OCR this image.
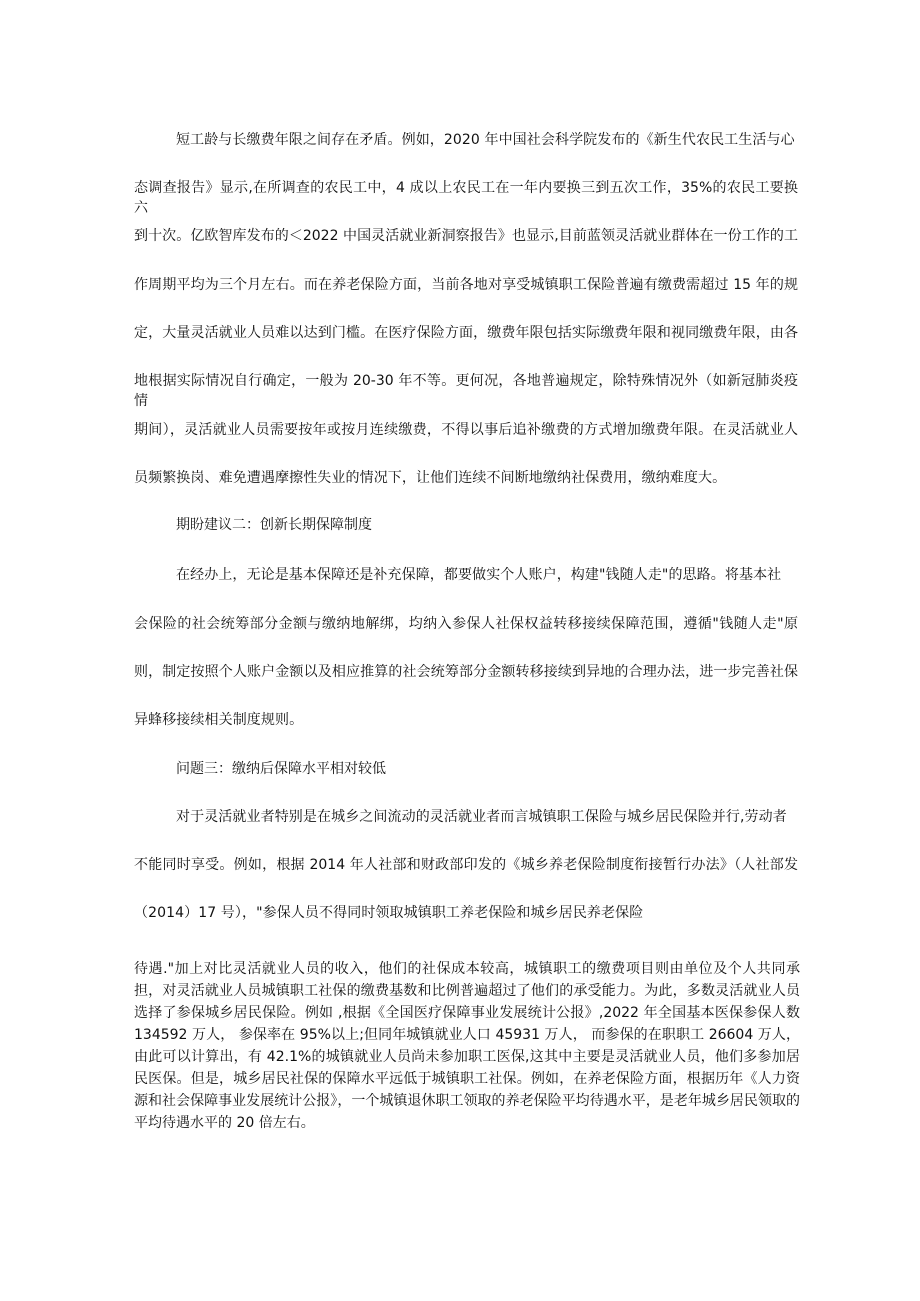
短工龄与长缴费年限之间存在矛盾。例如，2020 年中国社会科学院发布的《新生代农民工生活与心
态调查报告》显示,在所调查的农民工中，4 成以上农民工在一年内要换三到五次工作，35%的农民工要换六
到十次。亿欧智库发布的＜2022 中国灵活就业新洞察报告》也显示,目前蓝领灵活就业群体在一份工作的工
作周期平均为三个月左右。而在养老保险方面，当前各地对享受城镇职工保险普遍有缴费需超过 15 年的规
定，大量灵活就业人员难以达到门槛。在医疗保险方面，缴费年限包括实际缴费年限和视同缴费年限，由各
地根据实际情况自行确定，一般为 20-30 年不等。更何况，各地普遍规定，除特殊情况外（如新冠肺炎疫情
期间），灵活就业人员需要按年或按月连续缴费，不得以事后追补缴费的方式增加缴费年限。在灵活就业人
员频繁换岗、难免遭遇摩擦性失业的情况下，让他们连续不间断地缴纳社保费用，缴纳难度大。
期盼建议二：创新长期保障制度
在经办上，无论是基本保障还是补充保障，都要做实个人账户，构建"钱随人走"的思路。将基本社
会保险的社会统筹部分金额与缴纳地解绑，均纳入参保人社保权益转移接续保障范围，遵循"钱随人走"原
则，制定按照个人账户金额以及相应推算的社会统筹部分金额转移接续到异地的合理办法，进一步完善社保
异蜂移接续相关制度规则。
问题三：缴纳后保障水平相对较低
对于灵活就业者特别是在城乡之间流动的灵活就业者而言城镇职工保险与城乡居民保险并行,劳动者
不能同时享受。例如，根据 2014 年人社部和财政部印发的《城乡养老保险制度衔接暂行办法》（人社部发
（2014）17 号），"参保人员不得同时领取城镇职工养老保险和城乡居民养老保险
待遇."加上对比灵活就业人员的收入，他们的社保成本较高，城镇职工的缴费项目则由单位及个人共同承担，对灵活就业人员城镇职工社保的缴费基数和比例普遍超过了他们的承受能力。为此，多数灵活就业人员选择了参保城乡居民保险。例如 ,根据《全国医疗保障事业发展统计公报》,2022 年全国基本医保参保人数 134592 万人， 参保率在 95%以上;但同年城镇就业人口 45931 万人， 而参保的在职职工 26604 万人， 由此可以计算出，有 42.1%的城镇就业人员尚未参加职工医保,这其中主要是灵活就业人员，他们多参加居民医保。但是，城乡居民社保的保障水平远低于城镇职工社保。例如，在养老保险方面，根据历年《人力资源和社会保障事业发展统计公报》，一个城镇退休职工领取的养老保险平均待遇水平，是老年城乡居民领取的平均待遇水平的 20 倍左右。
